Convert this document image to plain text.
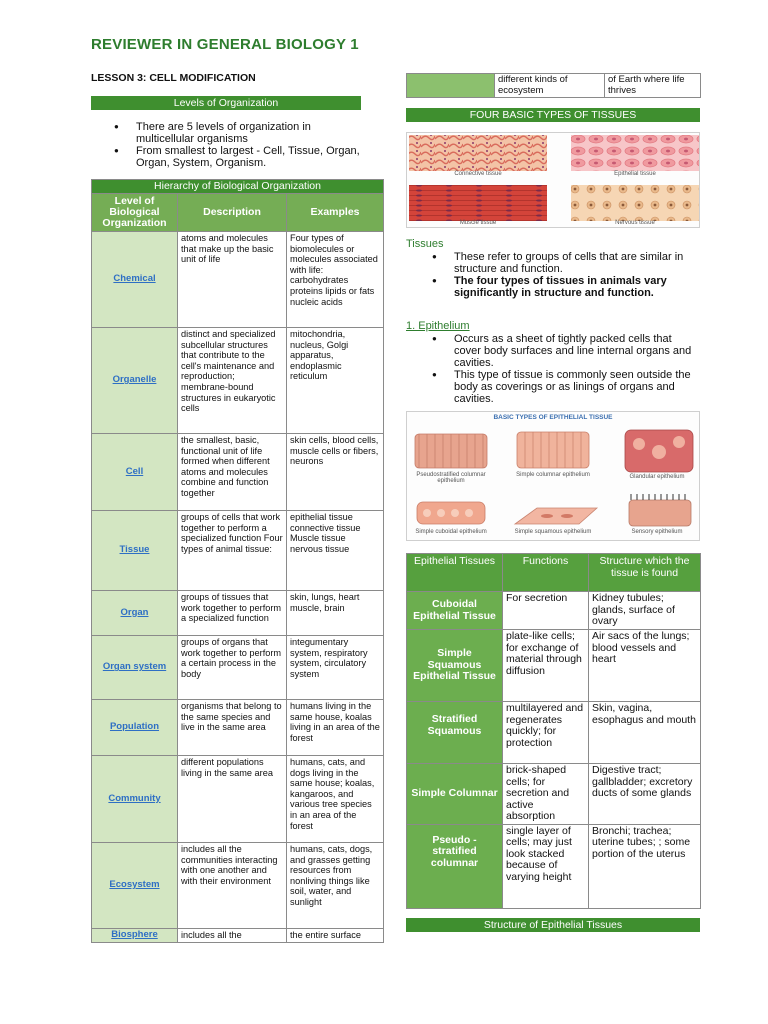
REVIEWER IN GENERAL BIOLOGY 1
LESSON 3: CELL MODIFICATION
Levels of Organization
● There are 5 levels of organization in multicellular organisms
● From smallest to largest - Cell, Tissue, Organ, Organ, System, Organism.
Hierarchy of Biological Organization		
Level of Biological Organization	Description	Examples
Chemical	atoms and molecules that make up the basic unit of life	Four types of biomolecules or molecules associated with life: carbohydrates proteins lipids or fats nucleic acids
Organelle	distinct and specialized subcellular structures that contribute to the cell's maintenance and reproduction; membrane-bound structures in eukaryotic cells	mitochondria, nucleus, Golgi apparatus, endoplasmic reticulum
Cell	the smallest, basic, functional unit of life formed when different atoms and molecules combine and function together	skin cells, blood cells, muscle cells or fibers, neurons
Tissue	groups of cells that work together to perform a specialized function Four types of animal tissue:	epithelial tissue connective tissue Muscle tissue nervous tissue
Organ	groups of tissues that work together to perform a specialized function	skin, lungs, heart muscle, brain
Organ system	groups of organs that work together to perform a certain process in the body	integumentary system, respiratory system, circulatory system
Population	organisms that belong to the same species and live in the same area	humans living in the same house, koalas living in an area of the forest
Community	different populations living in the same area	humans, cats, and dogs living in the same house; koalas, kangaroos, and various tree species in an area of the forest
Ecosystem	includes all the communities interacting with one another and with their environment	humans, cats, dogs, and grasses getting resources from nonliving things like soil, water, and sunlight
Biosphere	includes all the	the entire surface
	different kinds of ecosystem	of Earth where life thrives
FOUR BASIC TYPES OF TISSUES
Connective tissue	Epithelial tissue
Muscle tissue	Nervous tissue
Tissues
● These refer to groups of cells that are similar in structure and function.
● The four types of tissues in animals vary significantly in structure and function.
1. Epithelium
● Occurs as a sheet of tightly packed cells that cover body surfaces and line internal organs and cavities.
● This type of tissue is commonly seen outside the body as coverings or as linings of organs and cavities.
BASIC TYPES OF EPITHELIAL TISSUE
Pseudostratified columnar epithelium
Simple columnar epithelium	Glandular epithelium
Simple cuboidal epithelium	Simple squamous epithelium	Sensory epithelium
Epithelial Tissues	Functions	Structure which the tissue is found
Cuboidal Epithelial Tissue	For secretion	Kidney tubules; glands, surface of ovary
Simple Squamous Epithelial Tissue	plate-like cells; for exchange of material through diffusion	Air sacs of the lungs; blood vessels and heart
Stratified Squamous	multilayered and regenerates quickly; for protection	Skin, vagina, esophagus and mouth
Simple Columnar	brick-shaped cells; for secretion and active absorption	Digestive tract; gallbladder; excretory ducts of some glands
Pseudo - stratified columnar	single layer of cells; may just look stacked because of varying height	Bronchi; trachea; uterine tubes; ; some portion of the uterus
Structure of Epithelial Tissues
